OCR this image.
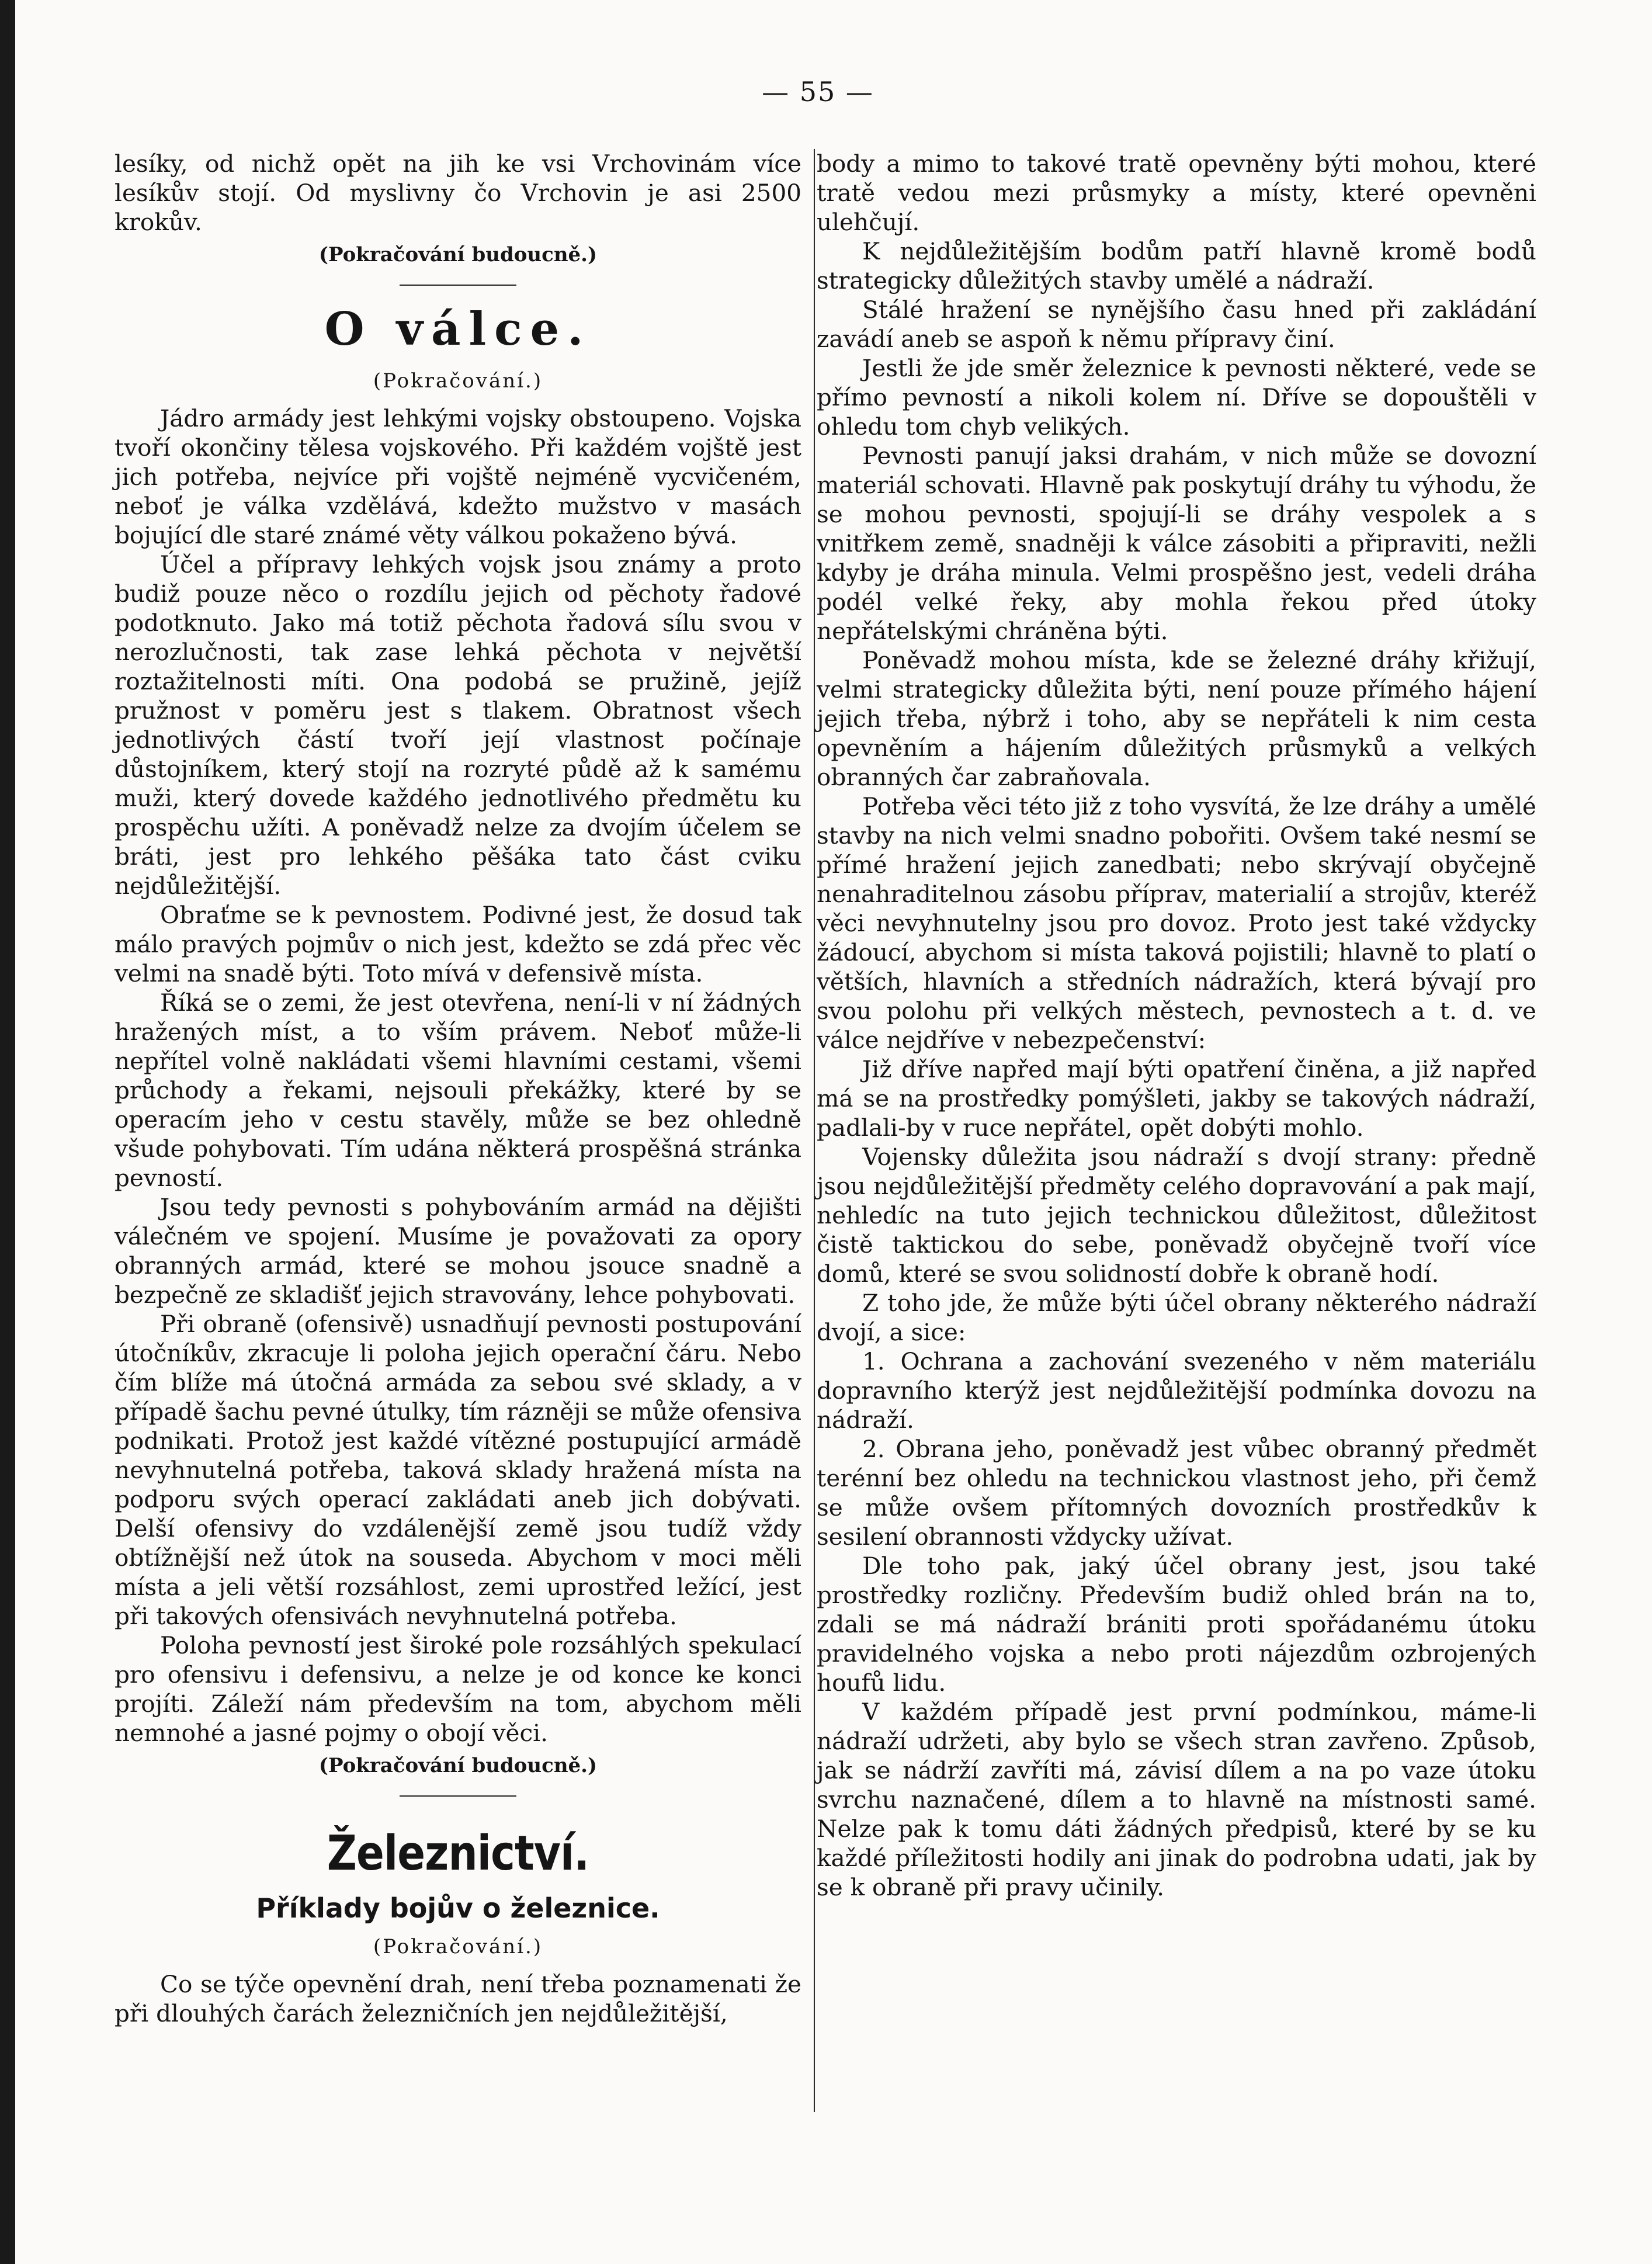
— 55 —

lesíky, od nichž opět na jih ke vsi Vrchovinám více lesíkův stojí. Od myslivny čo Vrchovin je asi 2500 krokův.

(Pokračování budoucně.)

O válce.
(Pokračování.)

Jádro armády jest lehkými vojsky obstoupeno. Vojska tvoří okončiny tělesa vojskového. Při každém vojště jest jich potřeba, nejvíce při vojště nejméně vycvičeném, neboť je válka vzdělává, kdežto mužstvo v masách bojující dle staré známé věty válkou pokaženo bývá.

Účel a přípravy lehkých vojsk jsou známy a proto budiž pouze něco o rozdílu jejich od pěchoty řadové podotknuto. Jako má totiž pěchota řadová sílu svou v nerozlučnosti, tak zase lehká pěchota v největší roztažitelnosti míti. Ona podobá se pružině, jejíž pružnost v poměru jest s tlakem. Obratnost všech jednotlivých částí tvoří její vlastnost počínaje důstojníkem, který stojí na rozryté půdě až k samému muži, který dovede každého jednotlivého předmětu ku prospěchu užíti. A poněvadž nelze za dvojím účelem se bráti, jest pro lehkého pěšáka tato část cviku nejdůležitější.

Obraťme se k pevnostem. Podivné jest, že dosud tak málo pravých pojmův o nich jest, kdežto se zdá přec věc velmi na snadě býti. Toto mívá v defensivě místa.

Říká se o zemi, že jest otevřena, není-li v ní žádných hražených míst, a to vším právem. Neboť může-li nepřítel volně nakládati všemi hlavními cestami, všemi průchody a řekami, nejsouli překážky, které by se operacím jeho v cestu stavěly, může se bez ohledně všude pohybovati. Tím udána některá prospěšná stránka pevností.

Jsou tedy pevnosti s pohybováním armád na dějišti válečném ve spojení. Musíme je považovati za opory obranných armád, které se mohou jsouce snadně a bezpečně ze skladišť jejich stravovány, lehce pohybovati.

Při obraně (ofensivě) usnadňují pevnosti postupování útočníkův, zkracuje li poloha jejich operační čáru. Nebo čím blíže má útočná armáda za sebou své sklady, a v případě šachu pevné útulky, tím rázněji se může ofensiva podnikati. Protož jest každé vítězné postupující armádě nevyhnutelná potřeba, taková sklady hražená místa na podporu svých operací zakládati aneb jich dobývati. Delší ofensivy do vzdálenější země jsou tudíž vždy obtížnější než útok na souseda. Abychom v moci měli místa a jeli větší rozsáhlost, zemi uprostřed ležící, jest při takových ofensivách nevyhnutelná potřeba.

Poloha pevností jest široké pole rozsáhlých spekulací pro ofensivu i defensivu, a nelze je od konce ke konci projíti. Záleží nám především na tom, abychom měli nemnohé a jasné pojmy o obojí věci.

(Pokračování budoucně.)

Železnictví.
Příklady bojův o železnice.
(Pokračování.)

Co se týče opevnění drah, není třeba poznamenati že při dlouhých čarách železničních jen nejdůležitější,

body a mimo to takové tratě opevněny býti mohou, které tratě vedou mezi průsmyky a místy, které opevněni ulehčují.

K nejdůležitějším bodům patří hlavně kromě bodů strategicky důležitých stavby umělé a nádraží.

Stálé hražení se nynějšího času hned při zakládání zavádí aneb se aspoň k němu přípravy činí.

Jestli že jde směr železnice k pevnosti některé, vede se přímo pevností a nikoli kolem ní. Dříve se dopouštěli v ohledu tom chyb velikých.

Pevnosti panují jaksi drahám, v nich může se dovozní materiál schovati. Hlavně pak poskytují dráhy tu výhodu, že se mohou pevnosti, spojují-li se dráhy vespolek a s vnitřkem země, snadněji k válce zásobiti a připraviti, nežli kdyby je dráha minula. Velmi prospěšno jest, vedeli dráha podél velké řeky, aby mohla řekou před útoky nepřátelskými chráněna býti.

Poněvadž mohou místa, kde se železné dráhy křižují, velmi strategicky důležita býti, není pouze přímého hájení jejich třeba, nýbrž i toho, aby se nepřáteli k nim cesta opevněním a hájením důležitých průsmyků a velkých obranných čar zabraňovala.

Potřeba věci této již z toho vysvítá, že lze dráhy a umělé stavby na nich velmi snadno pobořiti. Ovšem také nesmí se přímé hražení jejich zanedbati; nebo skrývají obyčejně nenahraditelnou zásobu příprav, materialií a strojův, kteréž věci nevyhnutelny jsou pro dovoz. Proto jest také vždycky žádoucí, abychom si místa taková pojistili; hlavně to platí o větších, hlavních a středních nádražích, která bývají pro svou polohu při velkých městech, pevnostech a t. d. ve válce nejdříve v nebezpečenství:

Již dříve napřed mají býti opatření činěna, a již napřed má se na prostředky pomýšleti, jakby se takových nádraží, padlali-by v ruce nepřátel, opět dobýti mohlo.

Vojensky důležita jsou nádraží s dvojí strany: předně jsou nejdůležitější předměty celého dopravování a pak mají, nehledíc na tuto jejich technickou důležitost, důležitost čistě taktickou do sebe, poněvadž obyčejně tvoří více domů, které se svou solidností dobře k obraně hodí.

Z toho jde, že může býti účel obrany některého nádraží dvojí, a sice:

1. Ochrana a zachování svezeného v něm materiálu dopravního kterýž jest nejdůležitější podmínka dovozu na nádraží.

2. Obrana jeho, poněvadž jest vůbec obranný předmět terénní bez ohledu na technickou vlastnost jeho, při čemž se může ovšem přítomných dovozních prostředkův k sesilení obrannosti vždycky užívat.

Dle toho pak, jaký účel obrany jest, jsou také prostředky rozličny. Především budiž ohled brán na to, zdali se má nádraží brániti proti spořádanému útoku pravidelného vojska a nebo proti nájezdům ozbrojených houfů lidu.

V každém případě jest první podmínkou, máme-li nádraží udržeti, aby bylo se všech stran zavřeno. Způsob, jak se nádrží zavříti má, závisí dílem a na po vaze útoku svrchu naznačené, dílem a to hlavně na místnosti samé. Nelze pak k tomu dáti žádných předpisů, které by se ku každé příležitosti hodily ani jinak do podrobna udati, jak by se k obraně při pravy učinily.
